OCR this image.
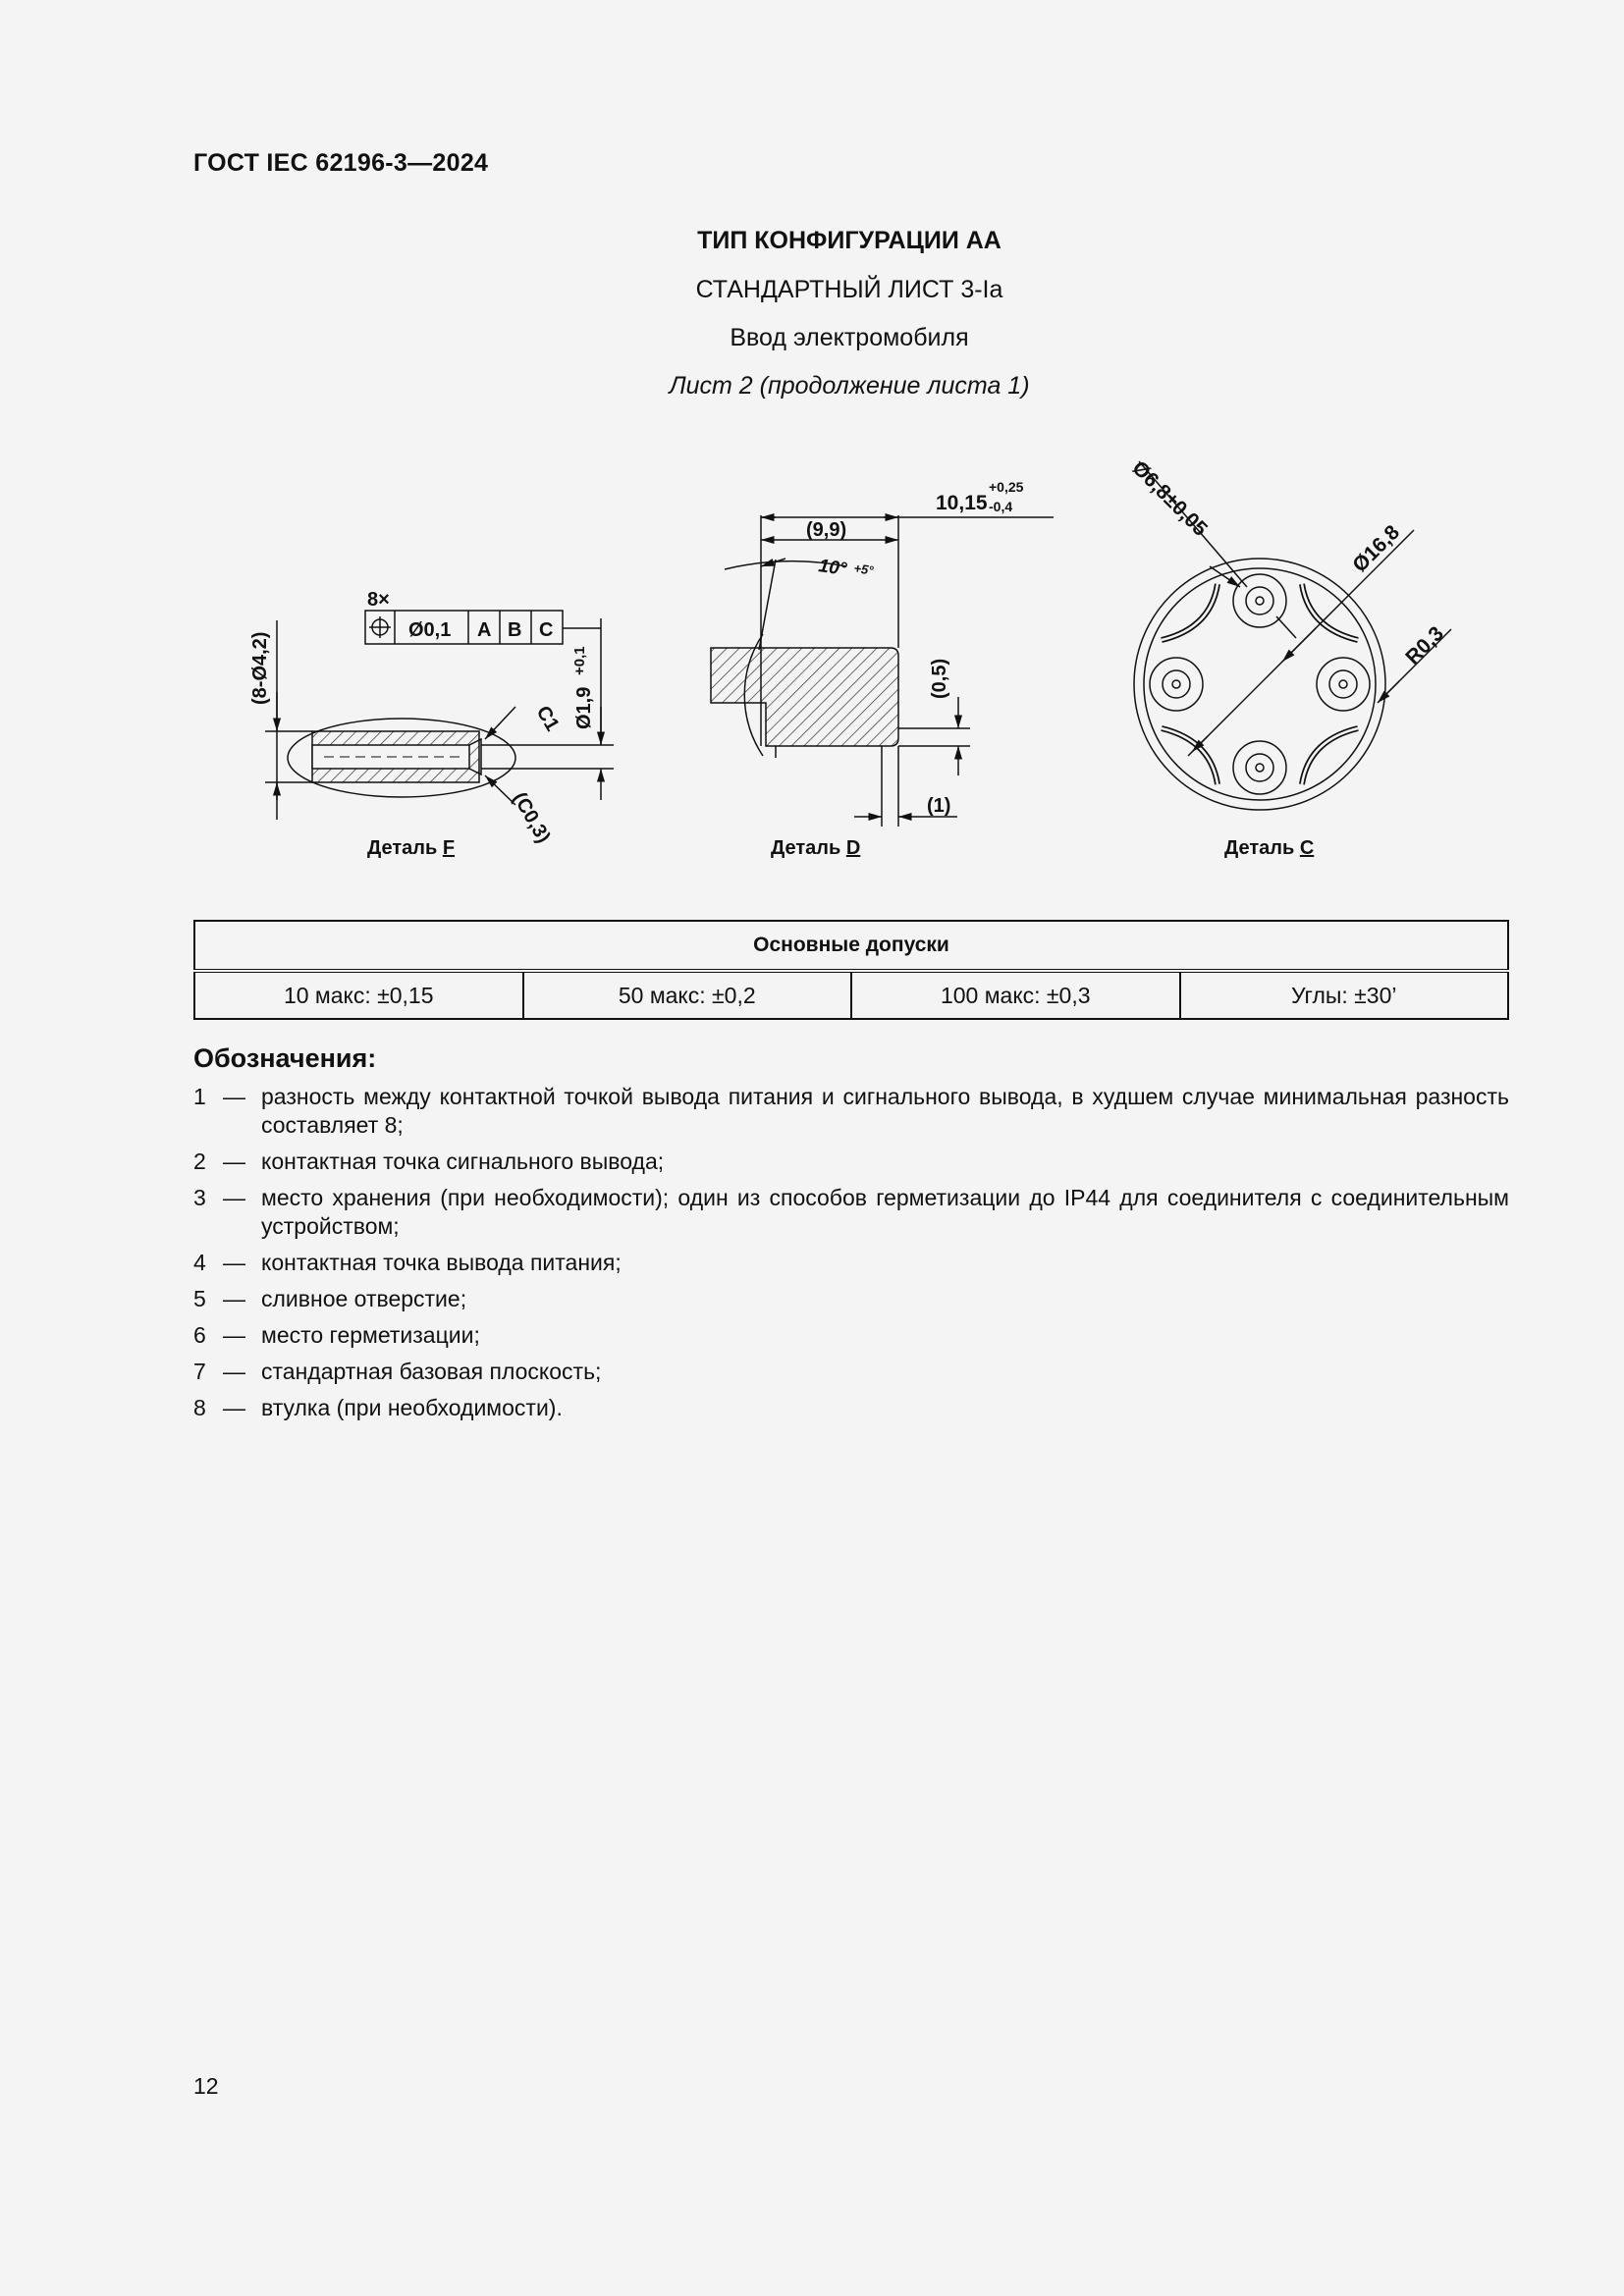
ГОСТ IEC 62196-3—2024
ТИП КОНФИГУРАЦИИ АА
СТАНДАРТНЫЙ ЛИСТ 3-Ia
Ввод электромобиля
Лист 2 (продолжение листа 1)
8×
Ø0,1 A B C
(8-Ø4,2)
Ø1,9
+0,1
C1
(C0,3)
(9,9)
10,15
+0,25
-0,4
10° +5°
(0,5)
(1)
Ø6,8±0,05
Ø16,8
R0,3
Деталь F	Деталь D	Деталь C
Основные допуски
10 макс: ±0,15	50 макс: ±0,2	100 макс: ±0,3	Углы: ±30’
Обозначения:
1 — разность между контактной точкой вывода питания и сигнального вывода, в худшем случае минимальная разность составляет 8;
2 — контактная точка сигнального вывода;
3 — место хранения (при необходимости); один из способов герметизации до IP44 для соединителя с соединительным устройством;
4 — контактная точка вывода питания;
5 — сливное отверстие;
6 — место герметизации;
7 — стандартная базовая плоскость;
8 — втулка (при необходимости).
12
